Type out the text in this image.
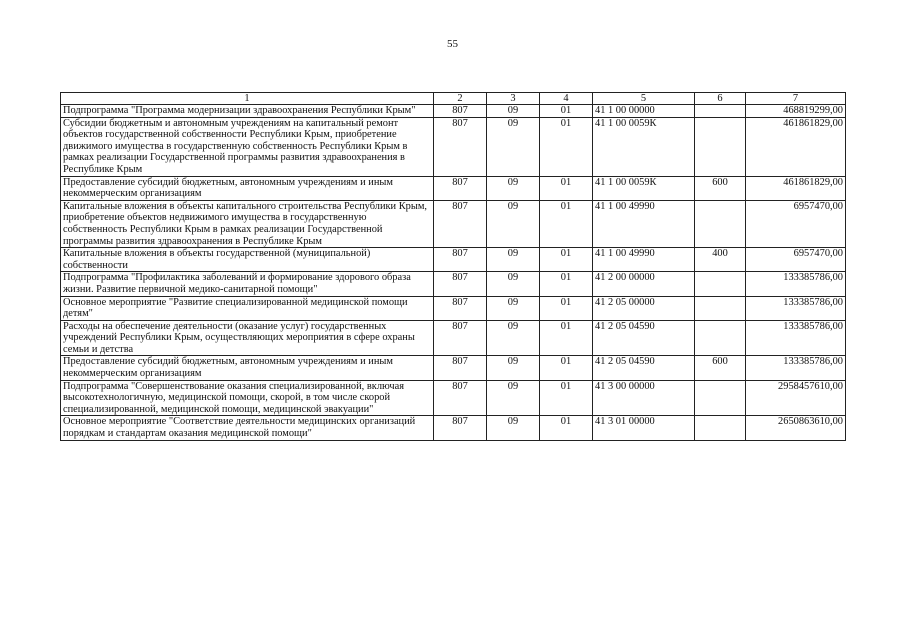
55
1	2	3	4	5	6	7
Подпрограмма "Программа модернизации здравоохранения Республики Крым"	807	09	01	41 1 00 00000		468819299,00
Субсидии бюджетным и автономным учреждениям на капитальный ремонт объектов государственной собственности Республики Крым, приобретение движимого имущества в государственную собственность Республики Крым в рамках реализации Государственной программы развития здравоохранения в Республике Крым	807	09	01	41 1 00 0059К		461861829,00
Предоставление субсидий бюджетным, автономным учреждениям и иным некоммерческим организациям	807	09	01	41 1 00 0059К	600	461861829,00
Капитальные вложения в объекты капитального строительства Республики Крым, приобретение объектов недвижимого имущества в государственную собственность Республики Крым в рамках реализации Государственной программы развития здравоохранения в Республике Крым	807	09	01	41 1 00 49990		6957470,00
Капитальные вложения в объекты государственной (муниципальной) собственности	807	09	01	41 1 00 49990	400	6957470,00
Подпрограмма "Профилактика заболеваний и формирование здорового образа жизни. Развитие первичной медико-санитарной помощи"	807	09	01	41 2 00 00000		133385786,00
Основное мероприятие "Развитие специализированной медицинской помощи детям"	807	09	01	41 2 05 00000		133385786,00
Расходы на обеспечение деятельности (оказание услуг) государственных учреждений Республики Крым, осуществляющих мероприятия в сфере охраны семьи и детства	807	09	01	41 2 05 04590		133385786,00
Предоставление субсидий бюджетным, автономным учреждениям и иным некоммерческим организациям	807	09	01	41 2 05 04590	600	133385786,00
Подпрограмма "Совершенствование оказания специализированной, включая высокотехнологичную, медицинской помощи, скорой, в том числе скорой специализированной, медицинской помощи, медицинской эвакуации"	807	09	01	41 3 00 00000		2958457610,00
Основное мероприятие "Соответствие деятельности медицинских организаций порядкам и стандартам оказания медицинской помощи"	807	09	01	41 3 01 00000		2650863610,00
